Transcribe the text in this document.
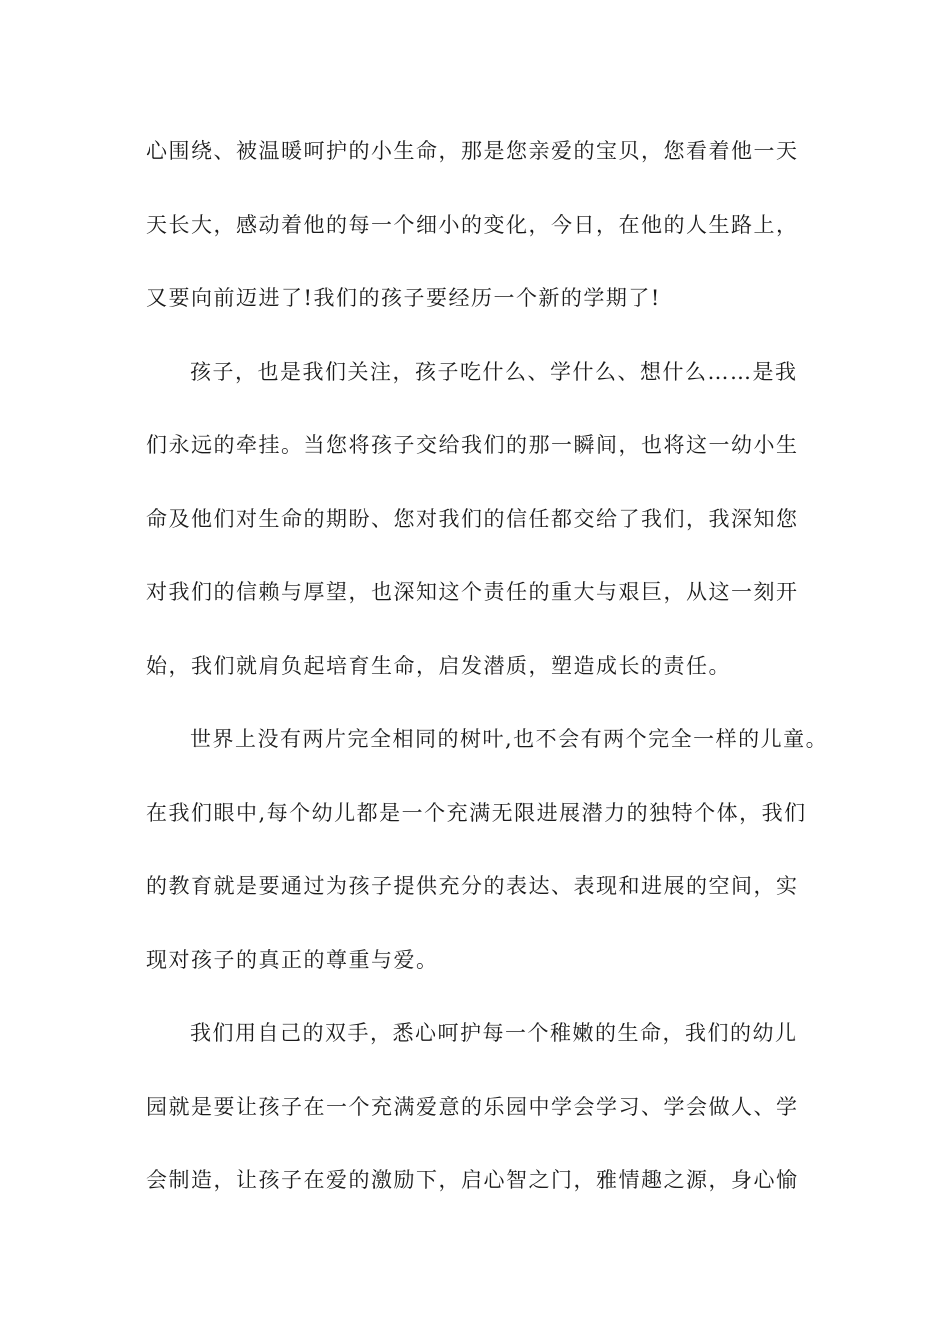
心围绕、被温暖呵护的小生命，那是您亲爱的宝贝，您看着他一天
天长大，感动着他的每一个细小的变化，今日，在他的人生路上，
又要向前迈进了!我们的孩子要经历一个新的学期了!
孩子，也是我们关注，孩子吃什么、学什么、想什么……是我
们永远的牵挂。当您将孩子交给我们的那一瞬间，也将这一幼小生
命及他们对生命的期盼、您对我们的信任都交给了我们，我深知您
对我们的信赖与厚望，也深知这个责任的重大与艰巨，从这一刻开
始，我们就肩负起培育生命，启发潜质，塑造成长的责任。
世界上没有两片完全相同的树叶,也不会有两个完全一样的儿童。
在我们眼中,每个幼儿都是一个充满无限进展潜力的独特个体，我们
的教育就是要通过为孩子提供充分的表达、表现和进展的空间，实
现对孩子的真正的尊重与爱。
我们用自己的双手，悉心呵护每一个稚嫩的生命，我们的幼儿
园就是要让孩子在一个充满爱意的乐园中学会学习、学会做人、学
会制造，让孩子在爱的激励下，启心智之门，雅情趣之源，身心愉
